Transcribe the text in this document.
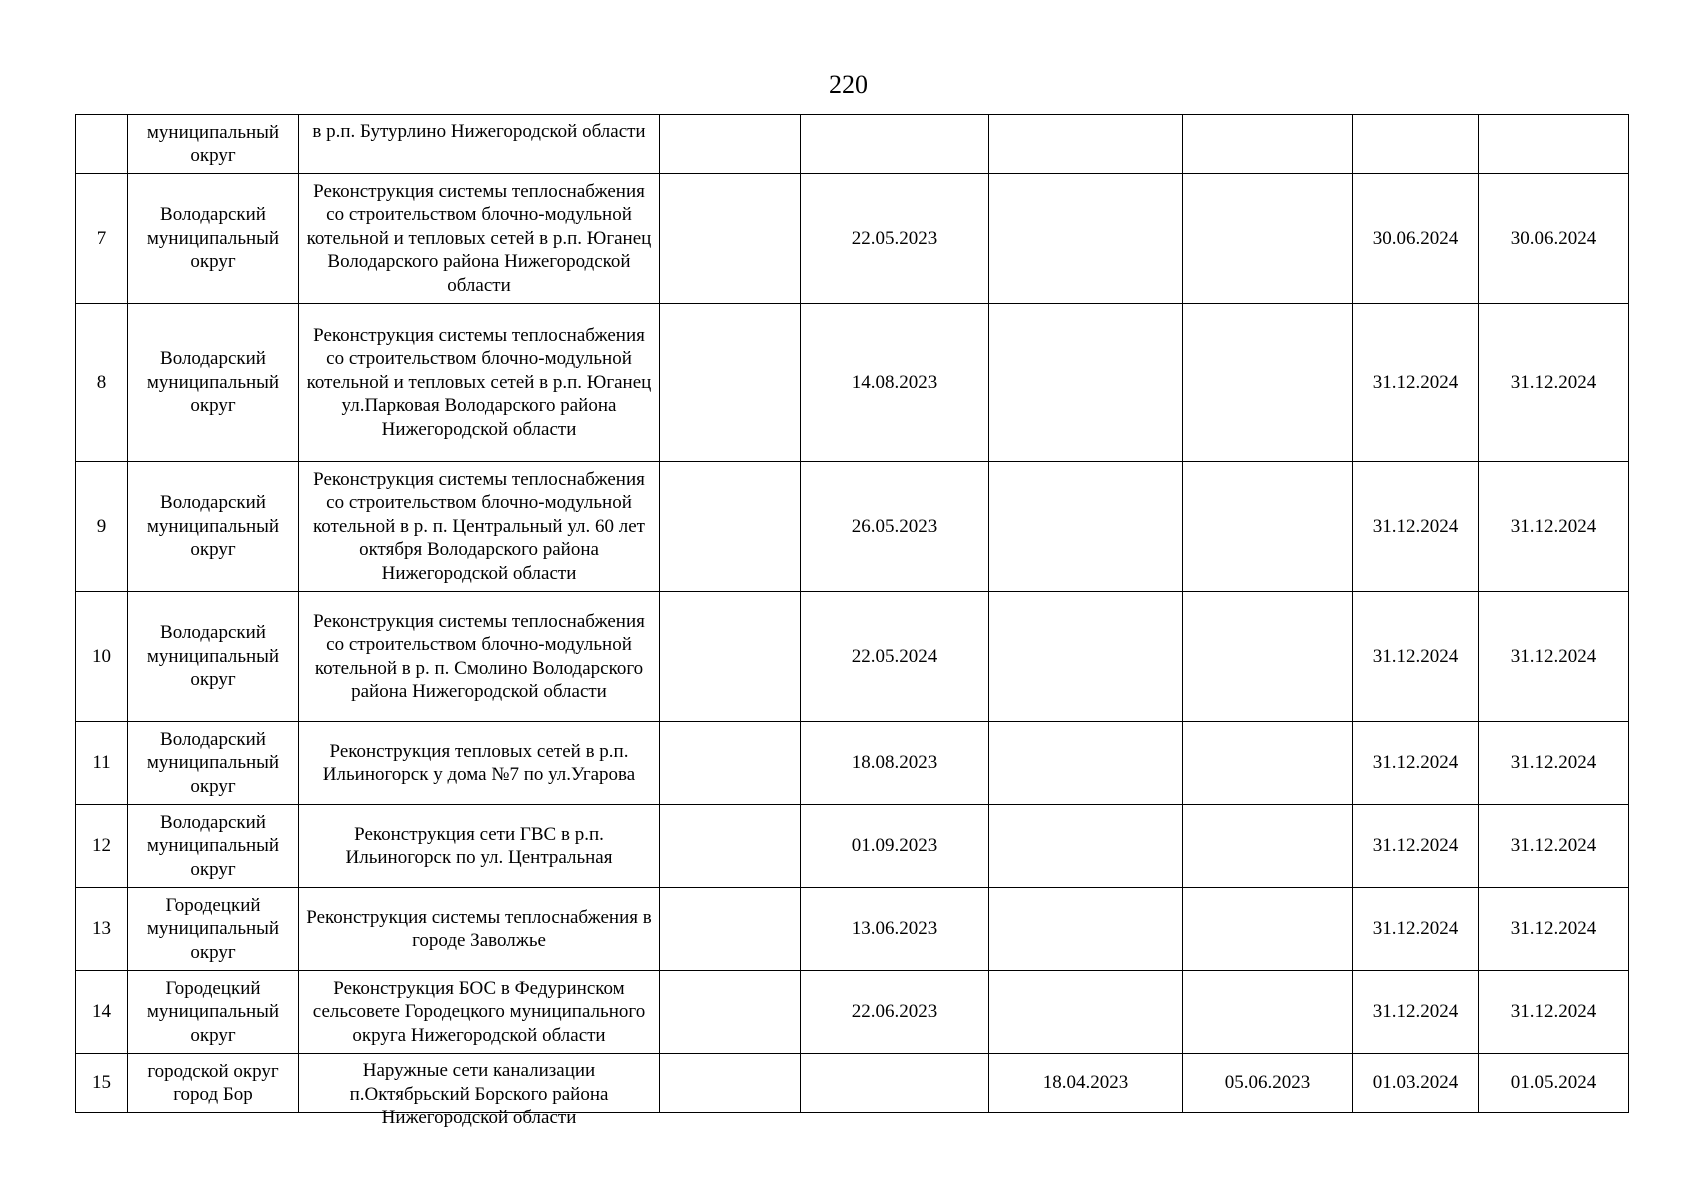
220
	муниципальный округ	в р.п. Бутурлино Нижегородской области						

7	Володарский муниципальный округ	Реконструкция системы теплоснабжения со строительством блочно-модульной котельной и тепловых сетей в р.п. Юганец Володарского района Нижегородской области		22.05.2023			30.06.2024	30.06.2024
8	Володарский муниципальный округ	Реконструкция системы теплоснабжения со строительством блочно-модульной котельной и тепловых сетей в р.п. Юганец ул.Парковая Володарского района Нижегородской области		14.08.2023			31.12.2024	31.12.2024
9	Володарский муниципальный округ	Реконструкция системы теплоснабжения со строительством блочно-модульной котельной в р. п. Центральный ул. 60 лет октября Володарского района Нижегородской области		26.05.2023			31.12.2024	31.12.2024
10	Володарский муниципальный округ	Реконструкция системы теплоснабжения со строительством блочно-модульной котельной в р. п. Смолино Володарского района Нижегородской области		22.05.2024			31.12.2024	31.12.2024
11	Володарский муниципальный округ	Реконструкция тепловых сетей в р.п. Ильиногорск у дома №7 по ул.Угарова		18.08.2023			31.12.2024	31.12.2024
12	Володарский муниципальный округ	Реконструкция сети ГВС в р.п. Ильиногорск по ул. Центральная		01.09.2023			31.12.2024	31.12.2024
13	Городецкий муниципальный округ	Реконструкция системы теплоснабжения в городе Заволжье		13.06.2023			31.12.2024	31.12.2024
14	Городецкий муниципальный округ	Реконструкция БОС в Федуринском сельсовете Городецкого муниципального округа Нижегородской области		22.06.2023			31.12.2024	31.12.2024
15	городской округ город Бор	Наружные сети канализации п.Октябрьский Борского района Нижегородской области			18.04.2023	05.06.2023	01.03.2024	01.05.2024
